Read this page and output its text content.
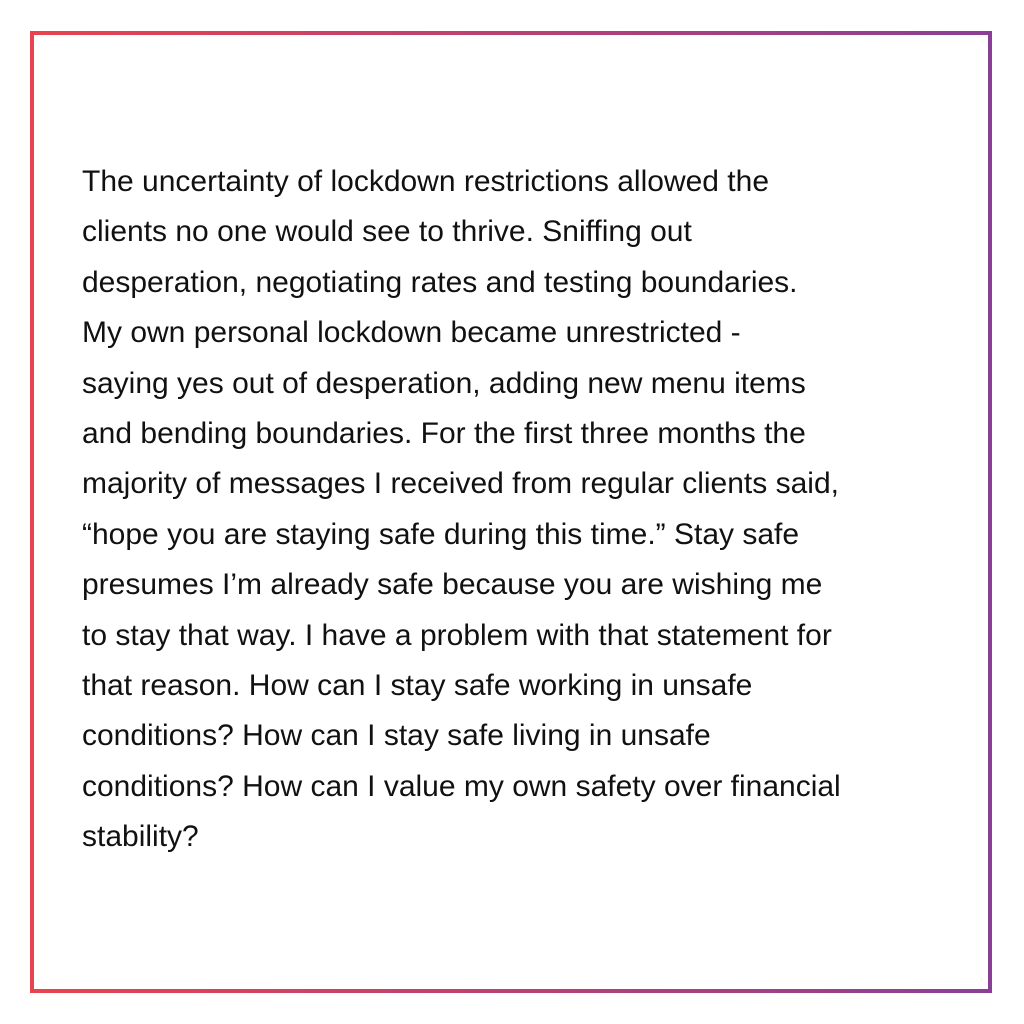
The uncertainty of lockdown restrictions allowed the
clients no one would see to thrive. Sniffing out
desperation, negotiating rates and testing boundaries.
My own personal lockdown became unrestricted -
saying yes out of desperation, adding new menu items
and bending boundaries. For the first three months the
majority of messages I received from regular clients said,
“hope you are staying safe during this time.” Stay safe
presumes I’m already safe because you are wishing me
to stay that way. I have a problem with that statement for
that reason. How can I stay safe working in unsafe
conditions? How can I stay safe living in unsafe
conditions? How can I value my own safety over financial
stability?
